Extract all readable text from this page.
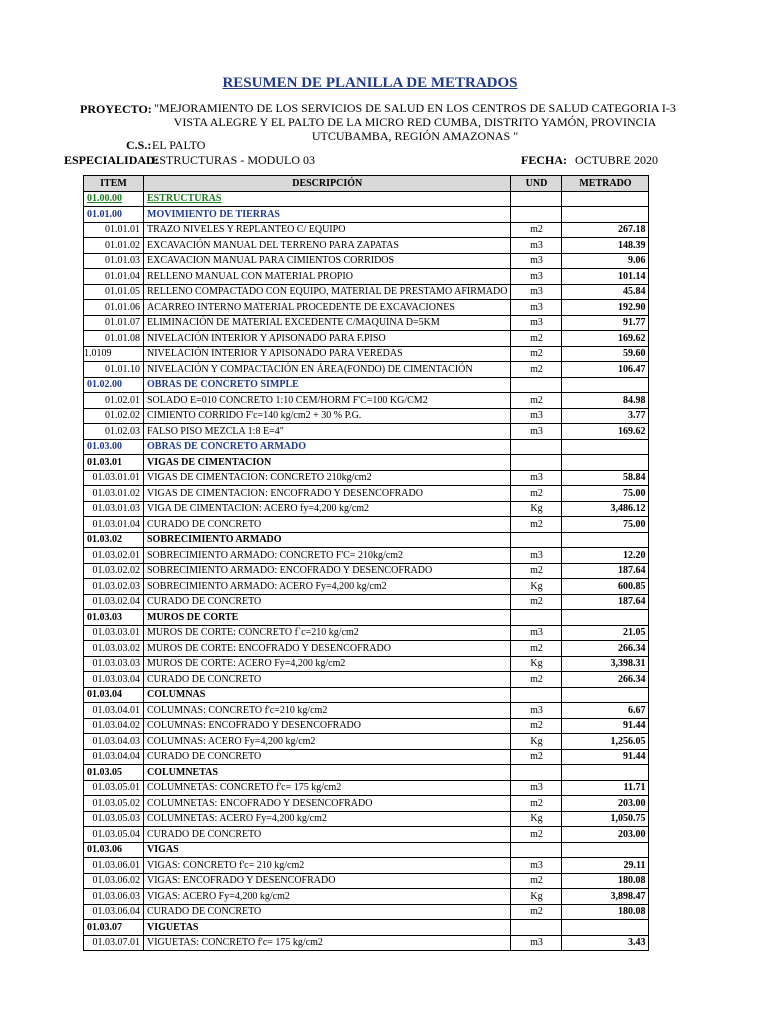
RESUMEN DE PLANILLA DE METRADOS
PROYECTO: "MEJORAMIENTO DE LOS SERVICIOS DE SALUD EN LOS CENTROS DE SALUD CATEGORIA I-3 VISTA ALEGRE Y EL PALTO DE LA MICRO RED CUMBA, DISTRITO YAMÓN, PROVINCIA UTCUBAMBA, REGIÓN AMAZONAS "
C.S.: EL PALTO
ESPECIALIDAD:
ESTRUCTURAS - MODULO 03	FECHA: OCTUBRE 2020
ITEM	DESCRIPCIÓN	UND	METRADO
01.00.00	ESTRUCTURAS		
01.01.00	MOVIMIENTO DE TIERRAS		
01.01.01	TRAZO NIVELES Y REPLANTEO C/ EQUIPO	m2	267.18
01.01.02	EXCAVACIÓN MANUAL DEL TERRENO PARA ZAPATAS	m3	148.39
01.01.03	EXCAVACION MANUAL PARA CIMIENTOS CORRIDOS	m3	9.06
01.01.04	RELLENO MANUAL CON MATERIAL PROPIO	m3	101.14
01.01.05	RELLENO COMPACTADO CON EQUIPO, MATERIAL DE PRESTAMO AFIRMADO	m3	45.84
01.01.06	ACARREO INTERNO MATERIAL PROCEDENTE DE EXCAVACIONES	m3	192.90
01.01.07	ELIMINACIÓN DE MATERIAL EXCEDENTE C/MAQUINA D=5KM	m3	91.77
01.01.08	NIVELACIÓN INTERIOR Y APISONADO PARA F.PISO	m2	169.62
1.0109	NIVELACIÓN INTERIOR Y APISONADO PARA VEREDAS	m2	59.60
01.01.10	NIVELACIÓN Y COMPACTACIÓN EN ÁREA(FONDO) DE CIMENTACIÓN	m2	106.47
01.02.00	OBRAS DE CONCRETO SIMPLE		
01.02.01	SOLADO E=010 CONCRETO 1:10 CEM/HORM F'C=100 KG/CM2	m2	84.98
01.02.02	CIMIENTO CORRIDO F'c=140 kg/cm2 + 30 % P.G.	m3	3.77
01.02.03	FALSO PISO MEZCLA 1:8 E=4"	m3	169.62
01.03.00	OBRAS DE CONCRETO ARMADO		
01.03.01	VIGAS DE CIMENTACION		
01.03.01.01	VIGAS DE CIMENTACION: CONCRETO 210kg/cm2	m3	58.84
01.03.01.02	VIGAS DE CIMENTACION: ENCOFRADO Y DESENCOFRADO	m2	75.00
01.03.01.03	VIGA DE CIMENTACION: ACERO fy=4,200 kg/cm2	Kg	3,486.12
01.03.01.04	CURADO DE CONCRETO	m2	75.00
01.03.02	SOBRECIMIENTO ARMADO		
01.03.02.01	SOBRECIMIENTO ARMADO: CONCRETO F'C= 210kg/cm2	m3	12.20
01.03.02.02	SOBRECIMIENTO ARMADO: ENCOFRADO Y DESENCOFRADO	m2	187.64
01.03.02.03	SOBRECIMIENTO ARMADO: ACERO Fy=4,200 kg/cm2	Kg	600.85
01.03.02.04	CURADO DE CONCRETO	m2	187.64
01.03.03	MUROS DE CORTE		
01.03.03.01	MUROS DE CORTE: CONCRETO f`c=210 kg/cm2	m3	21.05
01.03.03.02	MUROS DE CORTE: ENCOFRADO Y DESENCOFRADO	m2	266.34
01.03.03.03	MUROS DE CORTE: ACERO Fy=4,200 kg/cm2	Kg	3,398.31
01.03.03.04	CURADO DE CONCRETO	m2	266.34
01.03.04	COLUMNAS		
01.03.04.01	COLUMNAS: CONCRETO f'c=210 kg/cm2	m3	6.67
01.03.04.02	COLUMNAS: ENCOFRADO Y DESENCOFRADO	m2	91.44
01.03.04.03	COLUMNAS: ACERO Fy=4,200 kg/cm2	Kg	1,256.05
01.03.04.04	CURADO DE CONCRETO	m2	91.44
01.03.05	COLUMNETAS		
01.03.05.01	COLUMNETAS: CONCRETO f'c= 175 kg/cm2	m3	11.71
01.03.05.02	COLUMNETAS: ENCOFRADO Y DESENCOFRADO	m2	203.00
01.03.05.03	COLUMNETAS: ACERO Fy=4,200 kg/cm2	Kg	1,050.75
01.03.05.04	CURADO DE CONCRETO	m2	203.00
01.03.06	VIGAS		
01.03.06.01	VIGAS: CONCRETO f'c= 210 kg/cm2	m3	29.11
01.03.06.02	VIGAS: ENCOFRADO Y DESENCOFRADO	m2	180.08
01.03.06.03	VIGAS: ACERO Fy=4,200 kg/cm2	Kg	3,898.47
01.03.06.04	CURADO DE CONCRETO	m2	180.08
01.03.07	VIGUETAS		
01.03.07.01	VIGUETAS: CONCRETO f'c= 175 kg/cm2	m3	3.43
